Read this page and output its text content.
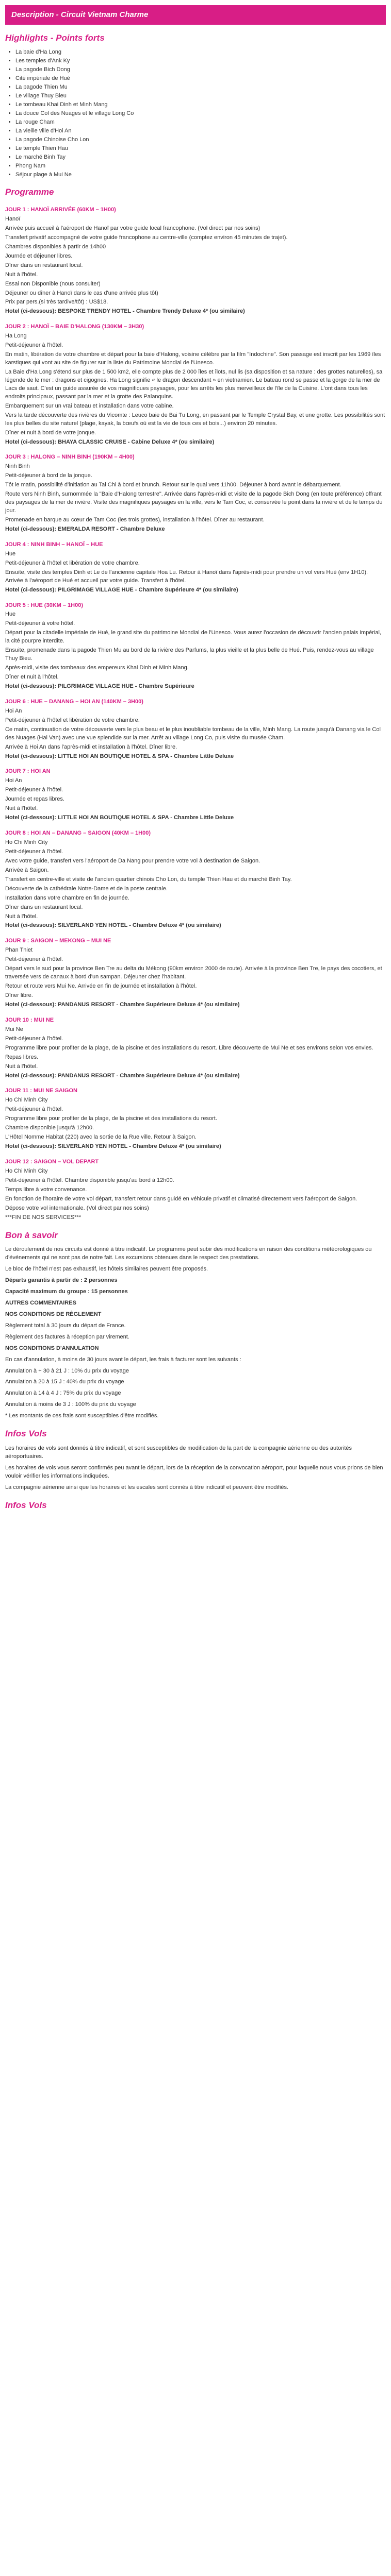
Description - Circuit Vietnam Charme
Highlights - Points forts
• La baie d'Ha Long
• Les temples d'Ank Ky
• La pagode Bich Dong
• Cité impériale de Hué
• La pagode Thien Mu
• Le village Thuy Bieu
• Le tombeau Khai Dinh et Minh Mang
• La douce Col des Nuages et le village Long Co
• La rouge Cham
• La vieille ville d'Hoi An
• La pagode Chinoise Cho Lon
• Le temple Thien Hau
• Le marché Binh Tay
• Phong Nam
• Séjour plage à Mui Ne
Programme
JOUR 1 : HANOÏ ARRIVÉE (60KM – 1H00)
Hanoï
Arrivée puis accueil à l'aéroport de Hanoï par votre guide local francophone. (Vol direct par nos soins)
Transfert privatif accompagné de votre guide francophone au centre-ville (comptez environ 45 minutes de trajet).
Chambres disponibles à partir de 14h00
Journée et déjeuner libres.
Dîner dans un restaurant local.
Nuit à l'hôtel.
Essai non Disponible (nous consulter)
Déjeuner ou dîner à Hanoï dans le cas d'une arrivée plus tôt)
Prix par pers.(si très tardive/tôt) : US$18.
Hotel (ci-dessous): BESPOKE TRENDY HOTEL - Chambre Trendy Deluxe 4* (ou similaire)
JOUR 2 : HANOÏ – BAIE D'HALONG (130KM – 3H30)
Ha Long
Petit-déjeuner à l'hôtel.
En matin, libération de votre chambre et départ pour la baie d'Halong, voisine célèbre par la film "Indochine". Son passage est inscrit par les 1969 îles karstiques qui vont au site de figurer sur la liste du Patrimoine Mondial de l'Unesco.
La Baie d'Ha Long s'étend sur plus de 1 500 km2, elle compte plus de 2 000 îles et îlots, nul lis (sa disposition et sa nature : des grottes naturelles), sa légende de le mer : dragons et cigognes. Ha Long signifie « le dragon descendant » en vietnamien. Le bateau rond se passe et la gorge de la mer de Lacs de saut. C'est un guide assurée de vos magnifiques paysages, pour les arrêts les plus merveilleux de l'île de la Cuisine. L'ont dans tous les endroits principaux, passant par la mer et la grotte des Palanquins.
Embarquement sur un vrai bateau et installation dans votre cabine.
Vers la tarde découverte des rivières du Vicomte : Leuco baie de Bai Tu Long, en passant par le Temple Crystal Bay, et une grotte. Les possibilités sont les plus belles du site naturel (plage, kayak, la bœufs où est la vie de tous ces et bois...) environ 20 minutes.
Dîner et nuit à bord de votre jonque.
Hotel (ci-dessous): BHAYA CLASSIC CRUISE - Cabine Deluxe 4* (ou similaire)
JOUR 3 : HALONG – NINH BINH (190KM – 4H00)
Ninh Binh
Petit-déjeuner à bord de la jonque.
Tôt le matin, possibilité d'initiation au Tai Chi à bord et brunch. Retour sur le quai vers 11h00. Déjeuner à bord avant le débarquement.
Route vers Ninh Binh, surnommée la "Baie d'Halong terrestre". Arrivée dans l'après-midi et visite de la pagode Bich Dong (en toute préférence) offrant des paysages de la mer de rivière. Visite des magnifiques paysages en la ville, vers le Tam Coc, et conservée le point dans la rivière et de le temps du jour.
Promenade en barque au cœur de Tam Coc (les trois grottes), installation à l'hôtel. Dîner au restaurant.
Hotel (ci-dessous): EMERALDA RESORT - Chambre Deluxe
JOUR 4 : NINH BINH – HANOÏ – HUE
Hue
Petit-déjeuner à l'hôtel et libération de votre chambre.
Ensuite, visite des temples Dinh et Le de l'ancienne capitale Hoa Lu. Retour à Hanoï dans l'après-midi pour prendre un vol vers Hué (env 1H10). Arrivée à l'aéroport de Hué et accueil par votre guide. Transfert à l'hôtel.
Hotel (ci-dessous): PILGRIMAGE VILLAGE HUE - Chambre Supérieure 4* (ou similaire)
JOUR 5 : HUE (30KM – 1H00)
Hue
Petit-déjeuner à votre hôtel.
Départ pour la citadelle impériale de Hué, le grand site du patrimoine Mondial de l'Unesco. Vous aurez l'occasion de découvrir l'ancien palais impérial, la cité pourpre interdite.
Ensuite, promenade dans la pagode Thien Mu au bord de la rivière des Parfums, la plus vieille et la plus belle de Hué. Puis, rendez-vous au village Thuy Bieu.
Après-midi, visite des tombeaux des empereurs Khai Dinh et Minh Mang.
Dîner et nuit à l'hôtel.
Hotel (ci-dessous): PILGRIMAGE VILLAGE HUE - Chambre Supérieure
JOUR 6 : HUE – DANANG – HOI AN (140KM – 3H00)
Hoi An
Petit-déjeuner à l'hôtel et libération de votre chambre.
Ce matin, continuation de votre découverte vers le plus beau et le plus inoubliable tombeau de la ville, Minh Mang. La route jusqu'à Danang via le Col des Nuages (Hai Van) avec une vue splendide sur la mer. Arrêt au village Long Co, puis visite du musée Cham.
Arrivée à Hoi An dans l'après-midi et installation à l'hôtel. Dîner libre.
Hotel (ci-dessous): LITTLE HOI AN BOUTIQUE HOTEL & SPA - Chambre Little Deluxe
JOUR 7 : HOI AN
Hoi An
Petit-déjeuner à l'hôtel.
Journée et repas libres.
Nuit à l'hôtel.
Hotel (ci-dessous): LITTLE HOI AN BOUTIQUE HOTEL & SPA - Chambre Little Deluxe
JOUR 8 : HOI AN – DANANG – SAIGON (40KM – 1H00)
Ho Chi Minh City
Petit-déjeuner à l'hôtel.
Avec votre guide, transfert vers l'aéroport de Da Nang pour prendre votre vol à destination de Saigon.
Arrivée à Saigon.
Transfert en centre-ville et visite de l'ancien quartier chinois Cho Lon, du temple Thien Hau et du marché Binh Tay.
Découverte de la cathédrale Notre-Dame et de la poste centrale.
Installation dans votre chambre en fin de journée.
Dîner dans un restaurant local.
Nuit à l'hôtel.
Hotel (ci-dessous): SILVERLAND YEN HOTEL - Chambre Deluxe 4* (ou similaire)
JOUR 9 : SAIGON – MEKONG – MUI NE
Phan Thiet
Petit-déjeuner à l'hôtel.
Départ vers le sud pour la province Ben Tre au delta du Mékong (90km environ 2000 de route). Arrivée à la province Ben Tre, le pays des cocotiers, et traversée vers de canaux à bord d'un sampan. Déjeuner chez l'habitant.
Retour et route vers Mui Ne. Arrivée en fin de journée et installation à l'hôtel.
Dîner libre.
Hotel (ci-dessous): PANDANUS RESORT - Chambre Supérieure Deluxe 4* (ou similaire)
JOUR 10 : MUI NE
Mui Ne
Petit-déjeuner à l'hôtel.
Programme libre pour profiter de la plage, de la piscine et des installations du resort. Libre découverte de Mui Ne et ses environs selon vos envies.
Repas libres.
Nuit à l'hôtel.
Hotel (ci-dessous): PANDANUS RESORT - Chambre Supérieure Deluxe 4* (ou similaire)
JOUR 11 : MUI NE SAIGON
Ho Chi Minh City
Petit-déjeuner à l'hôtel.
Programme libre pour profiter de la plage, de la piscine et des installations du resort.
Chambre disponible jusqu'à 12h00.
L'Hôtel Nomme Habitat (220) avec la sortie de la Rue ville. Retour à Saigon.
Hotel (ci-dessous): SILVERLAND YEN HOTEL - Chambre Deluxe 4* (ou similaire)
JOUR 12 : SAIGON – VOL DEPART
Ho Chi Minh City
Petit-déjeuner à l'hôtel. Chambre disponible jusqu'au bord à 12h00.
Temps libre à votre convenance.
En fonction de l'horaire de votre vol départ, transfert retour dans guidé en véhicule privatif et climatisé directement vers l'aéroport de Saigon.
Dépose votre vol internationale. (Vol direct par nos soins)
***FIN DE NOS SERVICES***
Bon à savoir

Le déroulement de nos circuits est donné à titre indicatif. Le programme peut subir des modifications en raison des conditions météorologiques ou d'événements qui ne sont pas de notre fait. Les excursions obtenues dans le respect des prestations.

Le bloc de l'hôtel n'est pas exhaustif, les hôtels similaires peuvent être proposés.

Départs garantis à partir de : 2 personnes

Capacité maximum du groupe : 15 personnes

AUTRES COMMENTAIRES

NOS CONDITIONS DE RÈGLEMENT

Règlement total à 30 jours du départ de France.

Règlement des factures à réception par virement.

NOS CONDITIONS D'ANNULATION

En cas d'annulation, à moins de 30 jours avant le départ, les frais à facturer sont les suivants :

Annulation à + 30 à 21 J : 10% du prix du voyage

Annulation à 20 à 15 J : 40% du prix du voyage

Annulation à 14 à 4 J : 75% du prix du voyage

Annulation à moins de 3 J : 100% du prix du voyage

* Les montants de ces frais sont susceptibles d'être modifiés.

Infos Vols

Les horaires de vols sont donnés à titre indicatif, et sont susceptibles de modification de la part de la compagnie aérienne ou des autorités aéroportuaires.

Les horaires de vols vous seront confirmés peu avant le départ, lors de la réception de la convocation aéroport, pour laquelle nous vous prions de bien vouloir vérifier les informations indiquées.

La compagnie aérienne ainsi que les horaires et les escales sont donnés à titre indicatif et peuvent être modifiés.

Infos Vols
